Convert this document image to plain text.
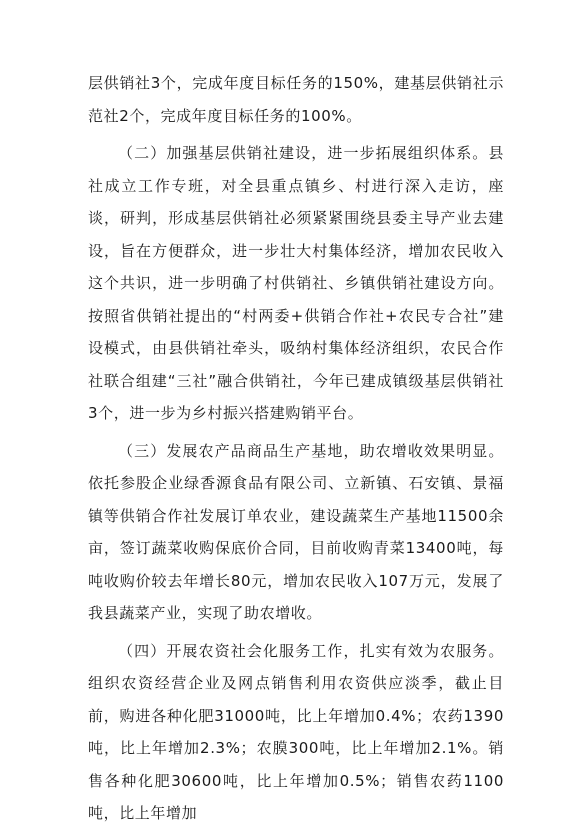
层供销社3个，完成年度目标任务的150%，建基层供销社示范社2个，完成年度目标任务的100%。

（二）加强基层供销社建设，进一步拓展组织体系。县社成立工作专班，对全县重点镇乡、村进行深入走访，座谈，研判，形成基层供销社必须紧紧围绕县委主导产业去建设，旨在方便群众，进一步壮大村集体经济，增加农民收入这个共识，进一步明确了村供销社、乡镇供销社建设方向。按照省供销社提出的“村两委+供销合作社+农民专合社”建设模式，由县供销社牵头，吸纳村集体经济组织，农民合作社联合组建“三社”融合供销社，今年已建成镇级基层供销社3个，进一步为乡村振兴搭建购销平台。

（三）发展农产品商品生产基地，助农增收效果明显。依托参股企业绿香源食品有限公司、立新镇、石安镇、景福镇等供销合作社发展订单农业，建设蔬菜生产基地11500余亩，签订蔬菜收购保底价合同，目前收购青菜13400吨，每吨收购价较去年增长80元，增加农民收入107万元，发展了我县蔬菜产业，实现了助农增收。

（四）开展农资社会化服务工作，扎实有效为农服务。组织农资经营企业及网点销售利用农资供应淡季，截止目前，购进各种化肥31000吨，比上年增加0.4%；农药1390吨，比上年增加2.3%；农膜300吨，比上年增加2.1%。销售各种化肥30600吨，比上年增加0.5%；销售农药1100吨，比上年增加
